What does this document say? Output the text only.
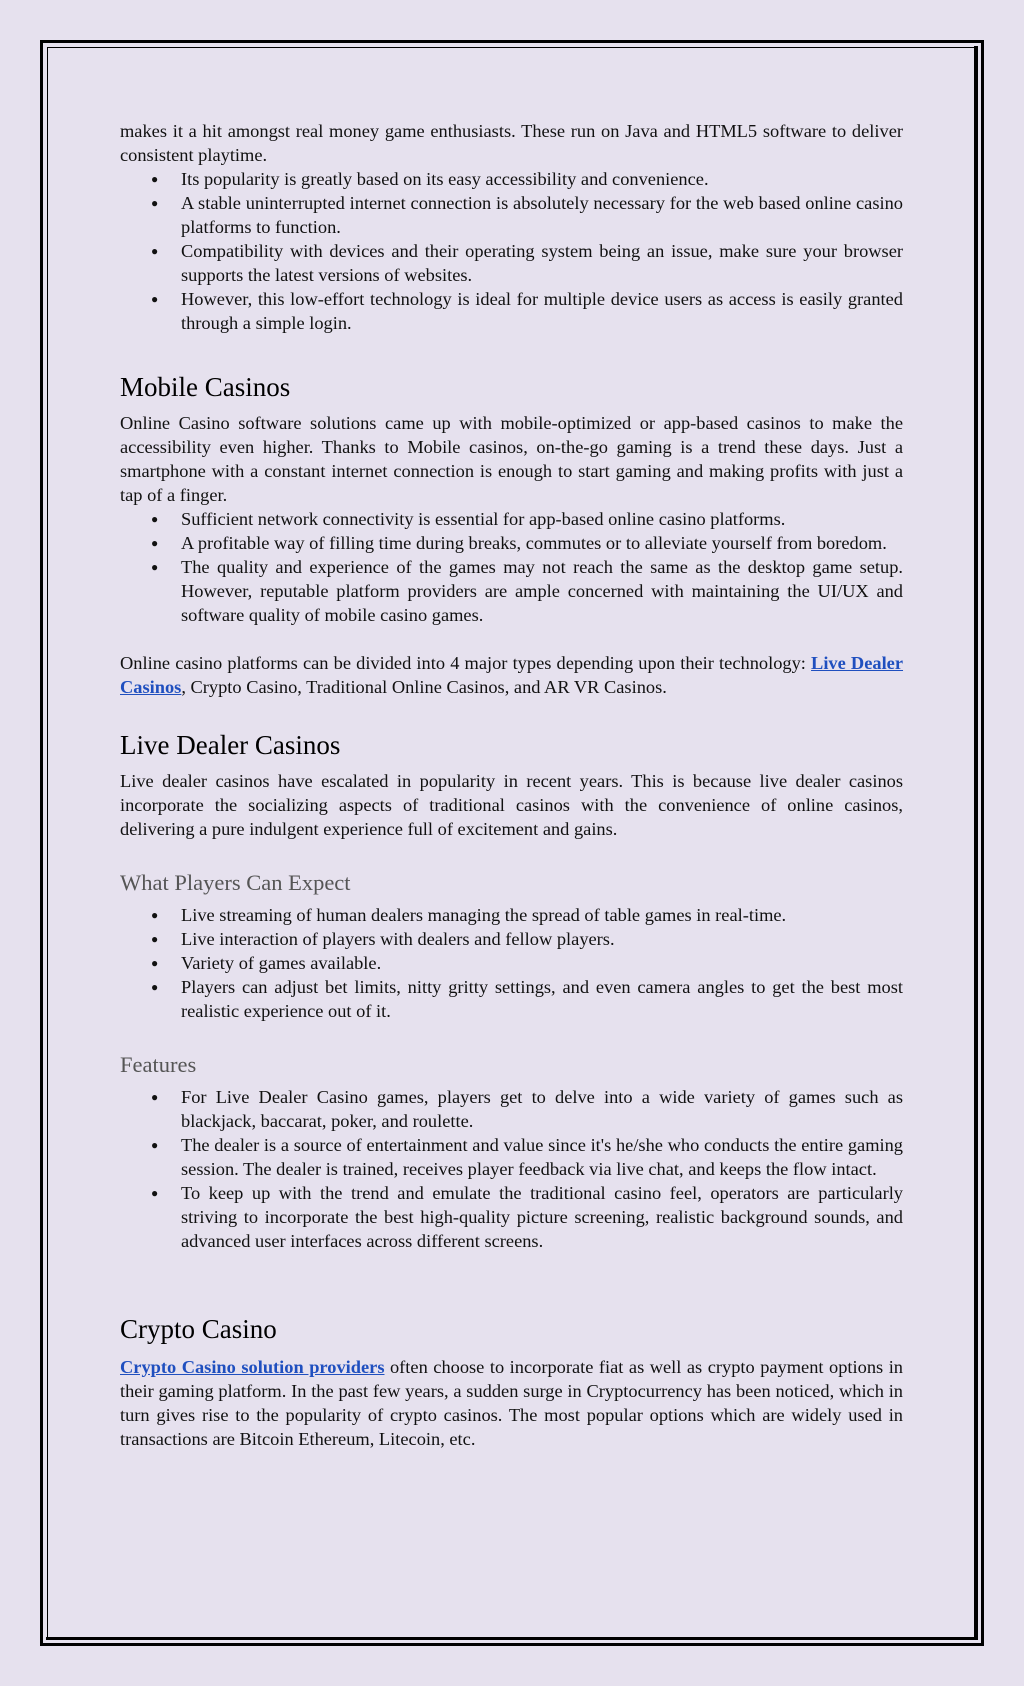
makes it a hit amongst real money game enthusiasts. These run on Java and HTML5 software to deliver consistent playtime.

● Its popularity is greatly based on its easy accessibility and convenience.
● A stable uninterrupted internet connection is absolutely necessary for the web based online casino platforms to function.
● Compatibility with devices and their operating system being an issue, make sure your browser supports the latest versions of websites.
● However, this low-effort technology is ideal for multiple device users as access is easily granted through a simple login.
Mobile Casinos

Online Casino software solutions came up with mobile-optimized or app-based casinos to make the accessibility even higher. Thanks to Mobile casinos, on-the-go gaming is a trend these days. Just a smartphone with a constant internet connection is enough to start gaming and making profits with just a tap of a finger.

● Sufficient network connectivity is essential for app-based online casino platforms.
● A profitable way of filling time during breaks, commutes or to alleviate yourself from boredom.
● The quality and experience of the games may not reach the same as the desktop game setup. However, reputable platform providers are ample concerned with maintaining the UI/UX and software quality of mobile casino games.

Online casino platforms can be divided into 4 major types depending upon their technology: Live Dealer Casinos, Crypto Casino, Traditional Online Casinos, and AR VR Casinos.

Live Dealer Casinos

Live dealer casinos have escalated in popularity in recent years. This is because live dealer casinos incorporate the socializing aspects of traditional casinos with the convenience of online casinos, delivering a pure indulgent experience full of excitement and gains.

What Players Can Expect
● Live streaming of human dealers managing the spread of table games in real-time.
● Live interaction of players with dealers and fellow players.
● Variety of games available.
● Players can adjust bet limits, nitty gritty settings, and even camera angles to get the best most realistic experience out of it.
Features
● For Live Dealer Casino games, players get to delve into a wide variety of games such as blackjack, baccarat, poker, and roulette.
● The dealer is a source of entertainment and value since it's he/she who conducts the entire gaming session. The dealer is trained, receives player feedback via live chat, and keeps the flow intact.
● To keep up with the trend and emulate the traditional casino feel, operators are particularly striving to incorporate the best high-quality picture screening, realistic background sounds, and advanced user interfaces across different screens.
Crypto Casino

Crypto Casino solution providers often choose to incorporate fiat as well as crypto payment options in their gaming platform. In the past few years, a sudden surge in Cryptocurrency has been noticed, which in turn gives rise to the popularity of crypto casinos. The most popular options which are widely used in transactions are Bitcoin Ethereum, Litecoin, etc.
